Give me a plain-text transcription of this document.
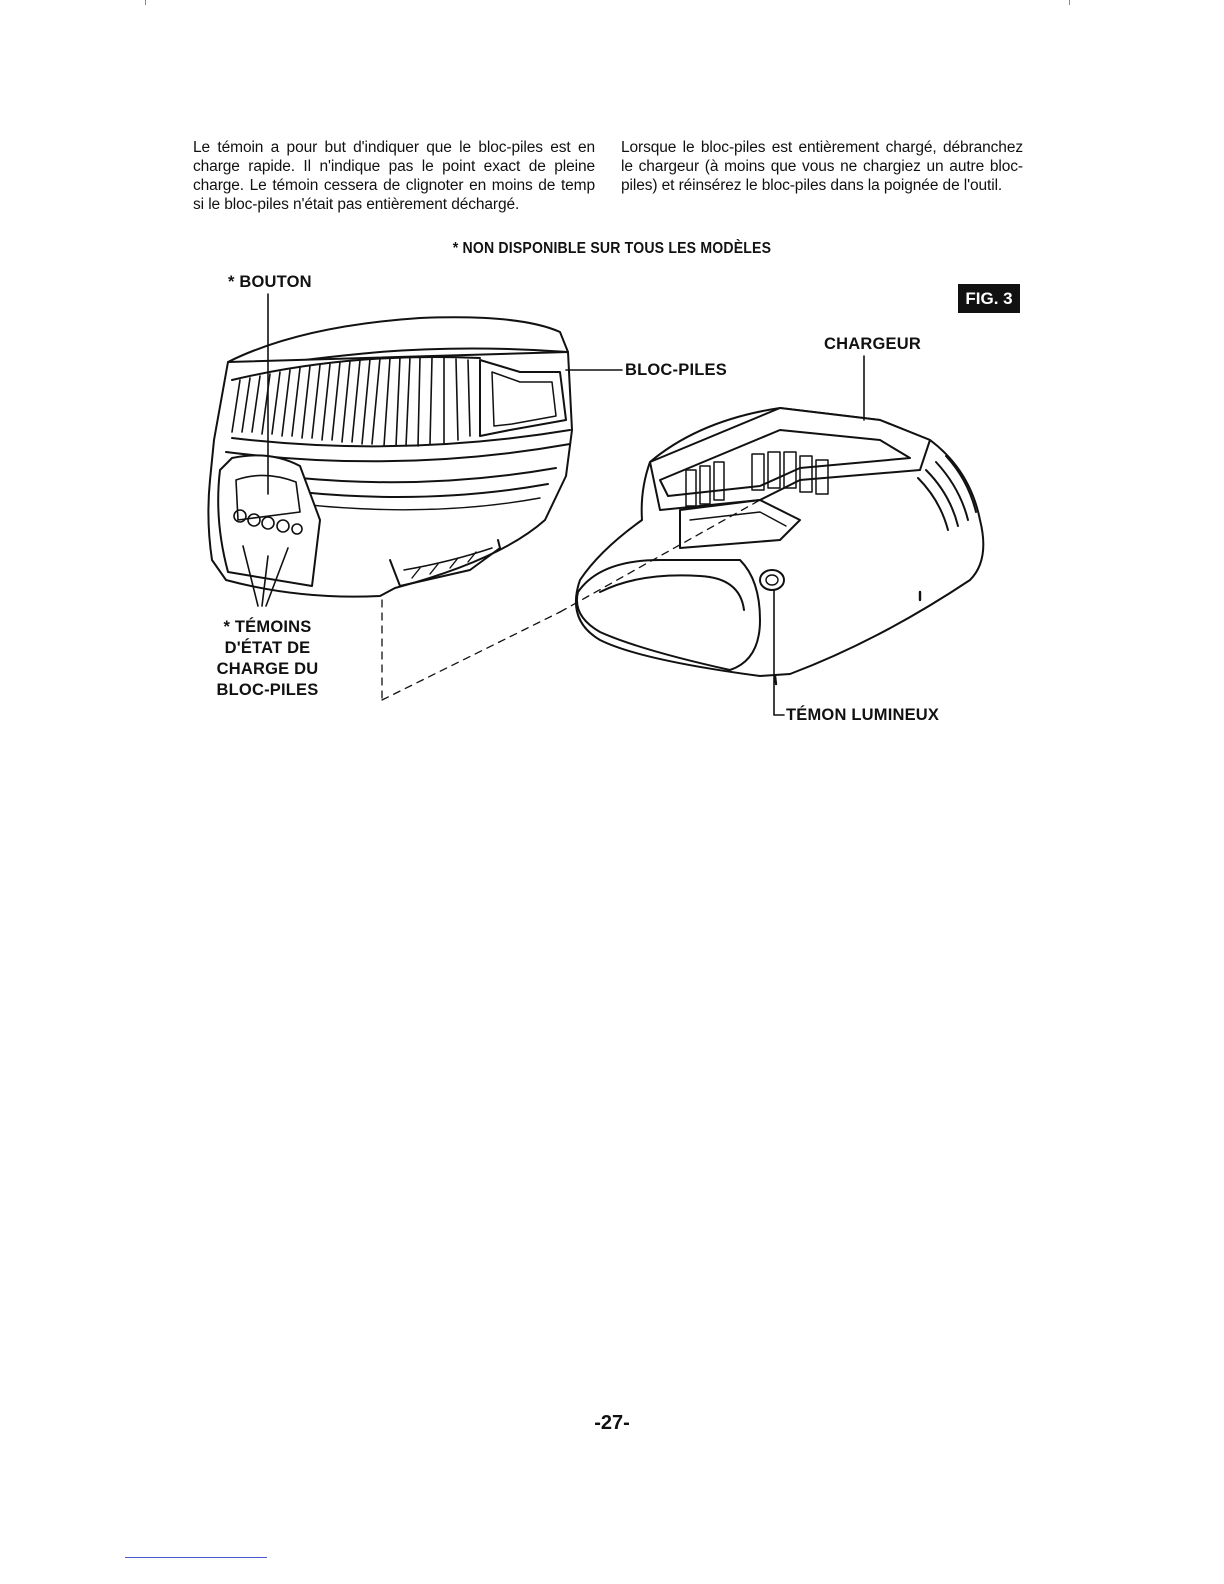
Le témoin a pour but d'indiquer que le bloc-piles est en charge rapide. Il n'indique pas le point exact de pleine charge. Le témoin cessera de clignoter en moins de temp si le bloc-piles n'était pas entièrement déchargé.

Lorsque le bloc-piles est entièrement chargé, débranchez le chargeur (à moins que vous ne chargiez un autre bloc-piles) et réinsérez le bloc-piles dans la poignée de l'outil.

* NON DISPONIBLE SUR TOUS LES MODÈLES
FIG. 3
* BOUTON
BLOC-PILES
CHARGEUR
* TÉMOINS D'ÉTAT DE CHARGE DU BLOC-PILES
TÉMON LUMINEUX
-27-
